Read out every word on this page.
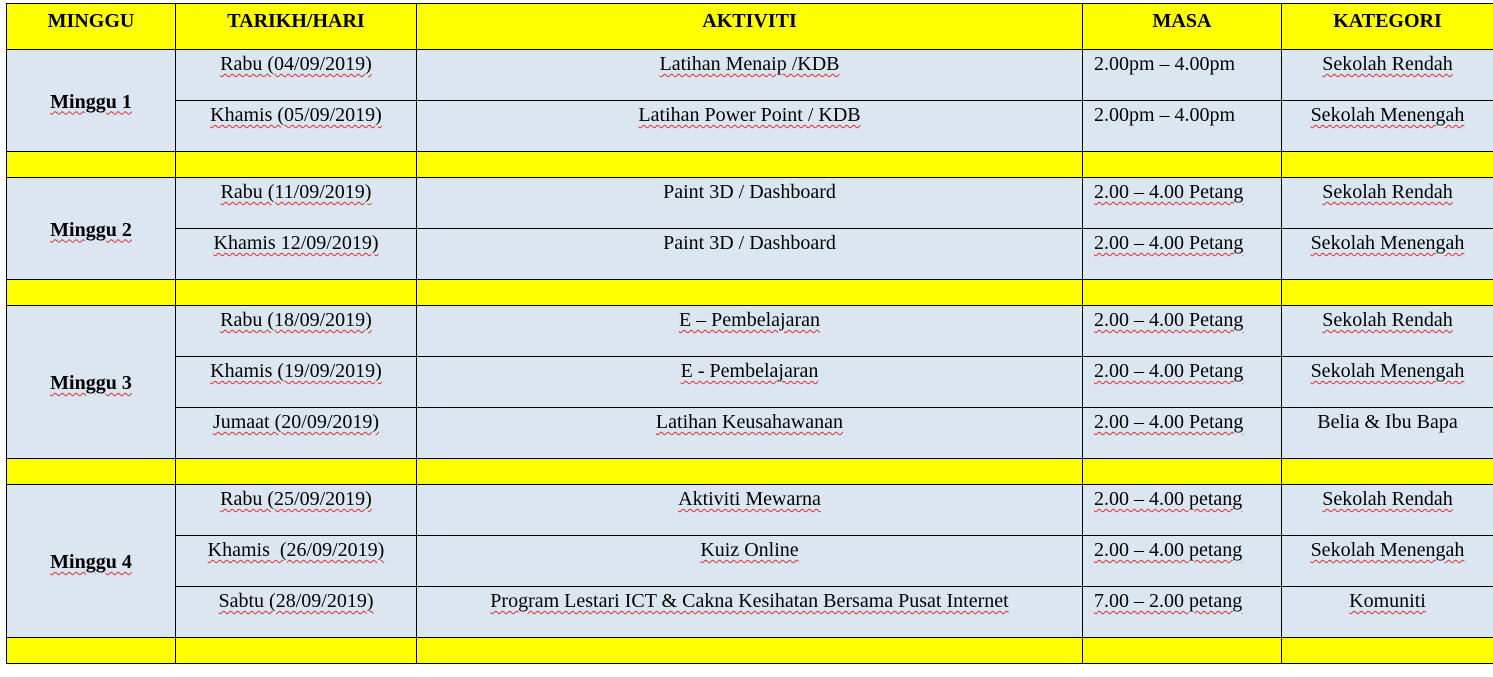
MINGGU	TARIKH/HARI	AKTIVITI	MASA	KATEGORI
Minggu 1	Rabu (04/09/2019)	Latihan Menaip /KDB	2.00pm – 4.00pm	Sekolah Rendah
	Khamis (05/09/2019)	Latihan Power Point / KDB	2.00pm – 4.00pm	Sekolah Menengah

Minggu 2	Rabu (11/09/2019)	Paint 3D / Dashboard	2.00 – 4.00 Petang	Sekolah Rendah
	Khamis 12/09/2019)	Paint 3D / Dashboard	2.00 – 4.00 Petang	Sekolah Menengah

Minggu 3	Rabu (18/09/2019)	E – Pembelajaran	2.00 – 4.00 Petang	Sekolah Rendah
	Khamis (19/09/2019)	E - Pembelajaran	2.00 – 4.00 Petang	Sekolah Menengah
	Jumaat (20/09/2019)	Latihan Keusahawanan	2.00 – 4.00 Petang	Belia & Ibu Bapa

Minggu 4	Rabu (25/09/2019)	Aktiviti Mewarna	2.00 – 4.00 petang	Sekolah Rendah
	Khamis  (26/09/2019)	Kuiz Online	2.00 – 4.00 petang	Sekolah Menengah
	Sabtu (28/09/2019)	Program Lestari ICT & Cakna Kesihatan Bersama Pusat Internet	7.00 – 2.00 petang	Komuniti
